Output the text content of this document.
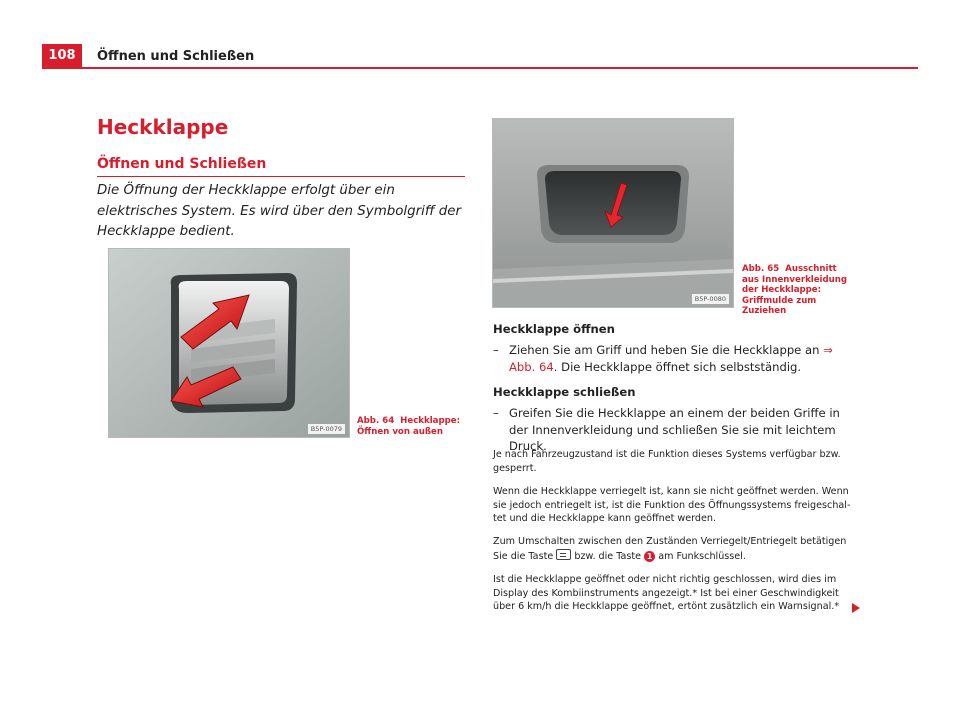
108	Öffnen und Schließen
Heckklappe
Öffnen und Schließen
Die Öffnung der Heckklappe erfolgt über ein elektrisches System. Es wird über den Symbolgriff der Heckklappe bedient.
B5P-0079
Abb. 64 Heckklappe: Öffnen von außen
B5P-0080
Abb. 65 Ausschnitt aus Innenverkleidung der Heckklappe: Griffmulde zum Zuziehen
Heckklappe öffnen
– Ziehen Sie am Griff und heben Sie die Heckklappe an ⇒ Abb. 64. Die Heckklappe öffnet sich selbstständig.
Heckklappe schließen
– Greifen Sie die Heckklappe an einem der beiden Griffe in der Innenverkleidung und schließen Sie sie mit leichtem Druck.
Je nach Fahrzeugzustand ist die Funktion dieses Systems verfügbar bzw. gesperrt.
Wenn die Heckklappe verriegelt ist, kann sie nicht geöffnet werden. Wenn sie jedoch entriegelt ist, ist die Funktion des Öffnungssystems freigeschaltet und die Heckklappe kann geöffnet werden.
Zum Umschalten zwischen den Zuständen Verriegelt/Entriegelt betätigen Sie die Taste bzw. die Taste 1 am Funkschlüssel.
Ist die Heckklappe geöffnet oder nicht richtig geschlossen, wird dies im Display des Kombiinstruments angezeigt.* Ist bei einer Geschwindigkeit über 6 km/h die Heckklappe geöffnet, ertönt zusätzlich ein Warnsignal.*
